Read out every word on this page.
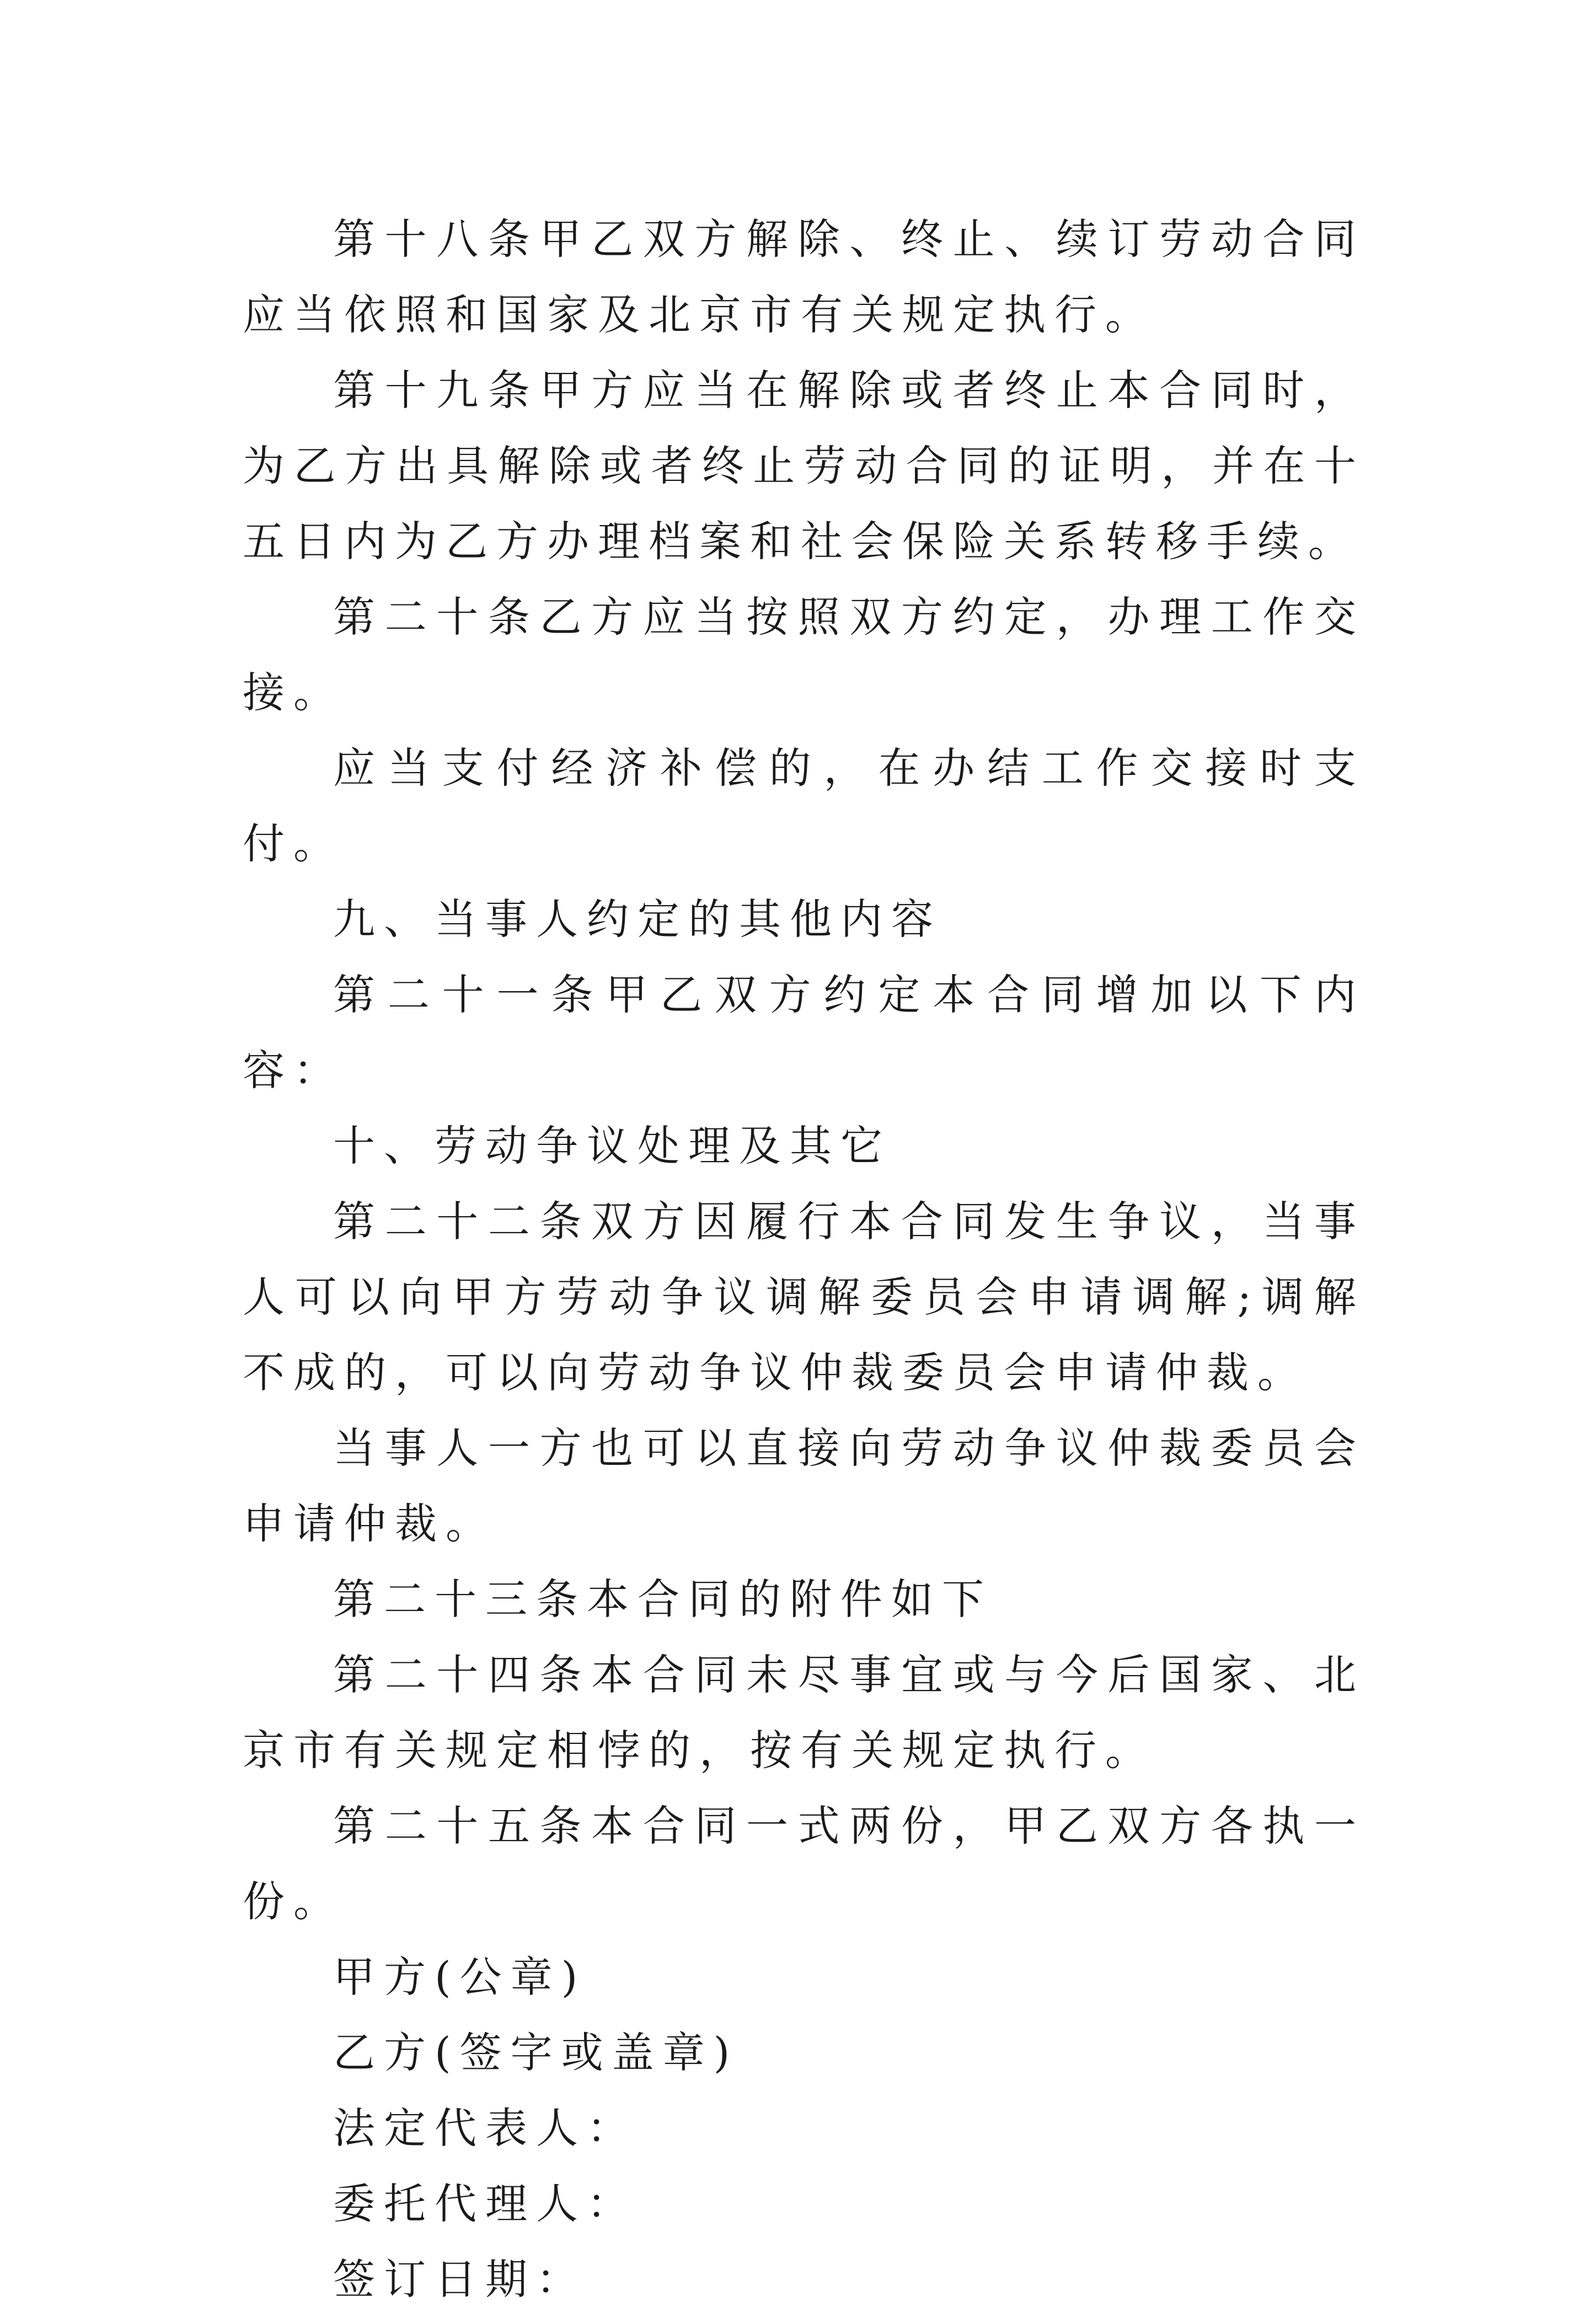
第十八条甲乙双方解除、终止、续订劳动合同应当依照和国家及北京市有关规定执行。

第十九条甲方应当在解除或者终止本合同时，为乙方出具解除或者终止劳动合同的证明，并在十五日内为乙方办理档案和社会保险关系转移手续。

第二十条乙方应当按照双方约定，办理工作交接。

应当支付经济补偿的，在办结工作交接时支付。

九、当事人约定的其他内容

第二十一条甲乙双方约定本合同增加以下内容：

十、劳动争议处理及其它

第二十二条双方因履行本合同发生争议，当事人可以向甲方劳动争议调解委员会申请调解;调解不成的，可以向劳动争议仲裁委员会申请仲裁。

当事人一方也可以直接向劳动争议仲裁委员会申请仲裁。

第二十三条本合同的附件如下

第二十四条本合同未尽事宜或与今后国家、北京市有关规定相悖的，按有关规定执行。

第二十五条本合同一式两份，甲乙双方各执一份。

甲方(公章)

乙方(签字或盖章)

法定代表人：

委托代理人：

签订日期：
